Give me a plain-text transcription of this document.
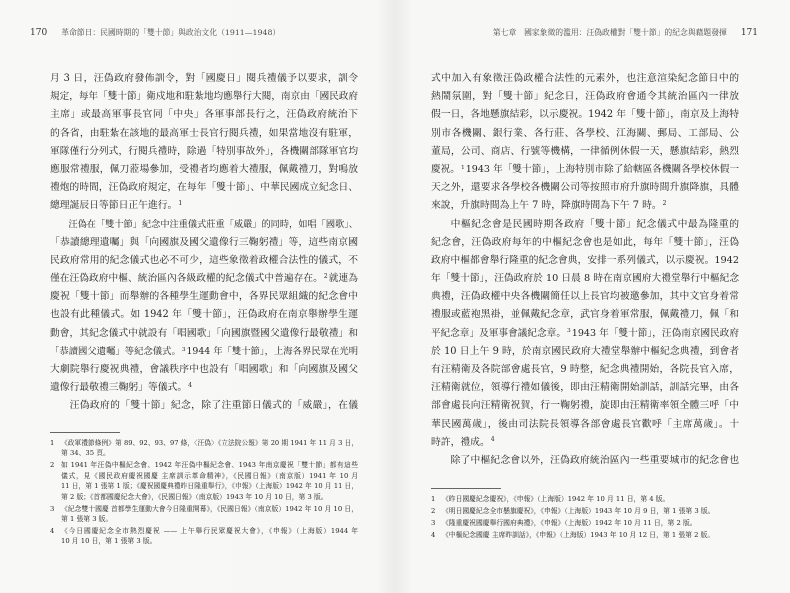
170 革命節日：民國時期的「雙十節」與政治文化（1911—1948）
月 3 日，汪偽政府發佈訓令，對「國慶日」閱兵禮儀予以要求，訓令
規定，每年「雙十節」衛戍地和駐紮地均應舉行大閱，南京由「國民政府
主席」或最高軍事長官同「中央」各軍事部長行之，汪偽政府統治下
的各省，由駐紮在該地的最高軍士長官行閱兵禮，如果當地沒有駐軍，
軍隊僅行分列式，行閱兵禮時，除過「特別事故外」，各機關部隊軍官均
應服常禮服，佩刀蒞場參加，受禮者均應着大禮服，佩戴禮刀，對鳴放
禮炮的時間，汪偽政府規定，在每年「雙十節」、中華民國成立紀念日、
總理誕辰日等節日正午進行。$^1$
汪偽在「雙十節」紀念中注重儀式莊重「威嚴」的同時，如唱「國歌」、
「恭讀總理遺囑」與「向國旗及國父遺像行三鞠躬禮」等，這些南京國
民政府常用的紀念儀式也必不可少，這些象徵着政權合法性的儀式，不
僅在汪偽政府中樞、統治區內各級政權的紀念儀式中普遍存在。$^2$就連為
慶祝「雙十節」而舉辦的各種學生運動會中，各界民眾組織的紀念會中
也設有此種儀式。如 1942 年「雙十節」，汪偽政府在南京舉辦學生運
動會，其紀念儀式中就設有「唱國歌」「向國旗暨國父遺像行最敬禮」和
「恭讀國父遺囑」等紀念儀式。$^3$1944 年「雙十節」，上海各界民眾在光明
大劇院舉行慶祝典禮，會議秩序中也設有「唱國歌」和「向國旗及國父
遺像行最敬禮三鞠躬」等儀式。$^4$
汪偽政府的「雙十節」紀念，除了注重節日儀式的「威嚴」，在儀
1 《政軍禮節條例》第 89、92、93、97 條，〈汪偽〉《立法院公報》第 20 期 1941 年 11 月 3 日，
第 34、35 頁。
2 如 1941 年汪偽中樞紀念會、1942 年汪偽中樞紀念會、1943 年南京慶祝「雙十節」都有這些
儀式，見《國民政府慶祝國慶 主席訓示革命精神》，《民國日報》（南京版）1941 年 10 月
11 日，第 1 張第 1 版；《慶祝國慶典禮昨日隆重舉行》，《申報》（上海版）1942 年 10 月 11 日，
第 2 版；《首都國慶紀念大會》，《民國日報》（南京版）1943 年 10 月 10 日，第 3 版。
3 《紀念雙十國慶 首都學生運動大會今日隆重開幕》，《民國日報》（南京版）1942 年 10 月 10 日，
第 1 張第 3 版。
4 《今日國慶紀念全市熱烈慶祝 —— 上午舉行民眾慶祝大會》，《申報》（上海版）1944 年
10 月 10 日，第 1 張第 3 版。
第七章　國家象徵的濫用：汪偽政權對「雙十節」的紀念與藉題發揮 171
式中加入有象徵汪偽政權合法性的元素外，也注意渲染紀念節日中的
熱鬧氛圍，對「雙十節」紀念日，汪偽政府會通令其統治區內一律放
假一日，各地懸旗結彩，以示慶祝。1942 年「雙十節」，南京及上海特
別市各機關、銀行業、各行莊、各學校、江海關、郵局、工部局、公
董局，公司、商店、行號等機構，一律循例休假一天，懸旗結彩，熱烈
慶祝。$^1$1943 年「雙十節」，上海特別市除了給轄區各機關各學校休假一
天之外，還要求各學校各機關公司等按照市府升旗時間升旗降旗，具體
來說，升旗時間為上午 7 時，降旗時間為下午 7 時。$^2$
中樞紀念會是民國時期各政府「雙十節」紀念儀式中最為隆重的
紀念會，汪偽政府每年的中樞紀念會也是如此，每年「雙十節」，汪偽
政府中樞都會舉行隆重的紀念會典，安排一系列儀式，以示慶祝。1942
年「雙十節」，汪偽政府於 10 日晨 8 時在南京國府大禮堂舉行中樞紀念
典禮，汪偽政權中央各機關簡任以上長官均被邀參加，其中文官身着常
禮服或藍袍黑褂，並佩戴紀念章，武官身着軍常服，佩戴禮刀，佩「和
平紀念章」及軍事會議紀念章。$^3$1943 年「雙十節」，汪偽南京國民政府
於 10 日上午 9 時，於南京國民政府大禮堂舉辦中樞紀念典禮，到會者
有汪精衛及各院部會處長官，9 時整，紀念典禮開始，各院長官入席，
汪精衛就位，領導行禮如儀後，即由汪精衛開始訓話，訓話完畢，由各
部會處長向汪精衛祝賀，行一鞠躬禮，旋即由汪精衛率領全體三呼「中
華民國萬歲」，後由司法院長領導各部會處長官歡呼「主席萬歲」。十
時許，禮成。$^4$
除了中樞紀念會以外，汪偽政府統治區內一些重要城市的紀念會也
1 《昨日國慶紀念慶祝》，《申報》（上海版）1942 年 10 月 11 日，第 4 版。
2 《明日國慶紀念全市懸旗慶祝》，《申報》（上海版）1943 年 10 月 9 日，第 1 張第 3 版。
3 《隆重慶祝國慶舉行國府典禮》，《申報》（上海版）1942 年 10 月 11 日，第 2 版。
4 《中樞紀念國慶 主席昨訓話》，《申報》（上海版）1943 年 10 月 12 日，第 1 張第 2 版。
